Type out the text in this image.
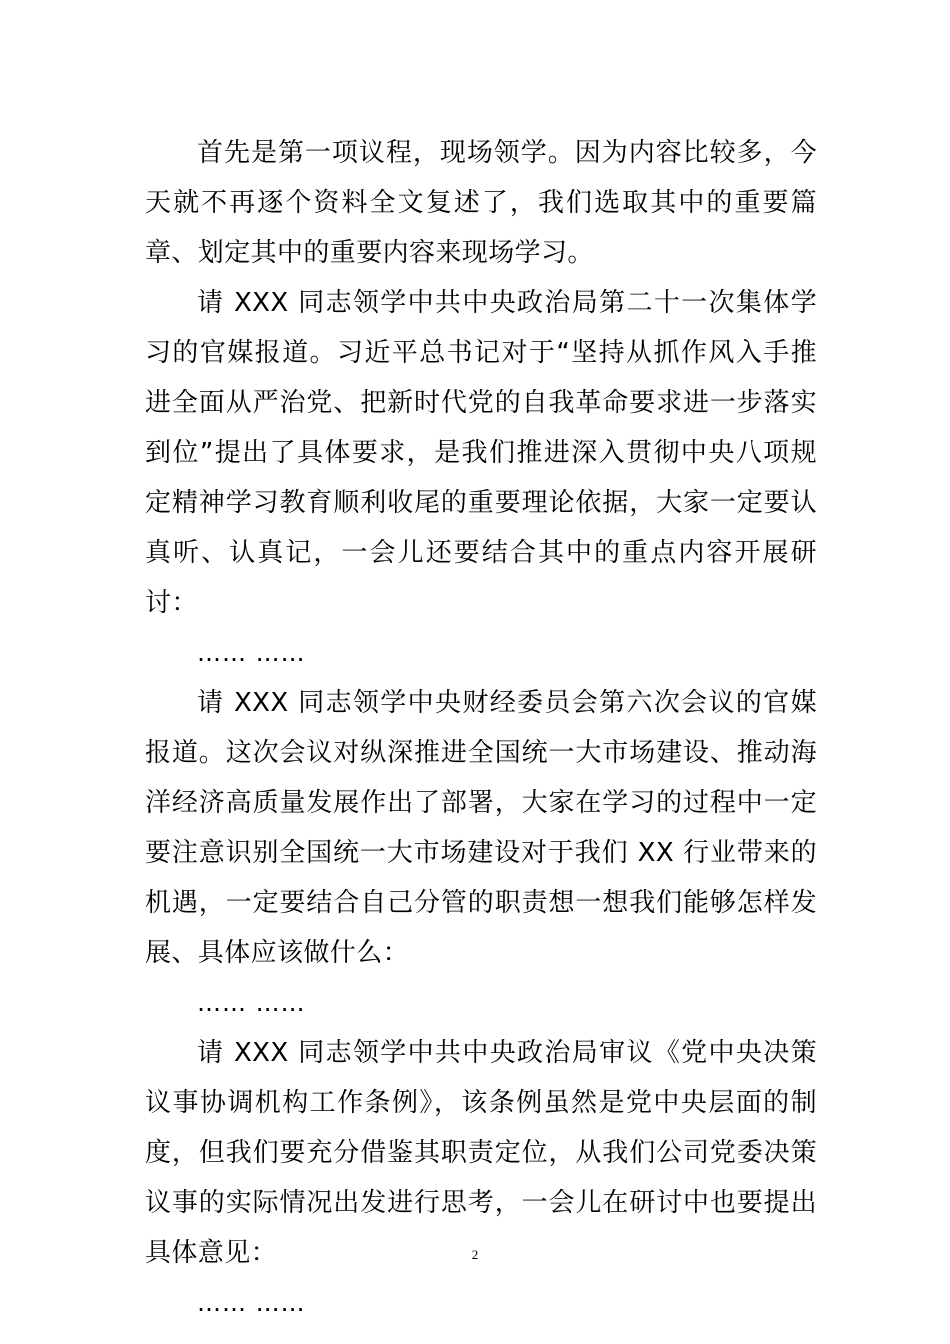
首先是第一项议程，现场领学。因为内容比较多，今天就不再逐个资料全文复述了，我们选取其中的重要篇章、划定其中的重要内容来现场学习。

请 XXX 同志领学中共中央政治局第二十一次集体学习的官媒报道。习近平总书记对于“坚持从抓作风入手推进全面从严治党、把新时代党的自我革命要求进一步落实到位”提出了具体要求，是我们推进深入贯彻中央八项规定精神学习教育顺利收尾的重要理论依据，大家一定要认真听、认真记，一会儿还要结合其中的重点内容开展研讨：

…… ……

请 XXX 同志领学中央财经委员会第六次会议的官媒报道。这次会议对纵深推进全国统一大市场建设、推动海洋经济高质量发展作出了部署，大家在学习的过程中一定要注意识别全国统一大市场建设对于我们 XX 行业带来的机遇，一定要结合自己分管的职责想一想我们能够怎样发展、具体应该做什么：

…… ……

请 XXX 同志领学中共中央政治局审议《党中央决策议事协调机构工作条例》，该条例虽然是党中央层面的制度，但我们要充分借鉴其职责定位，从我们公司党委决策议事的实际情况出发进行思考，一会儿在研讨中也要提出具体意见：

…… ……

2
